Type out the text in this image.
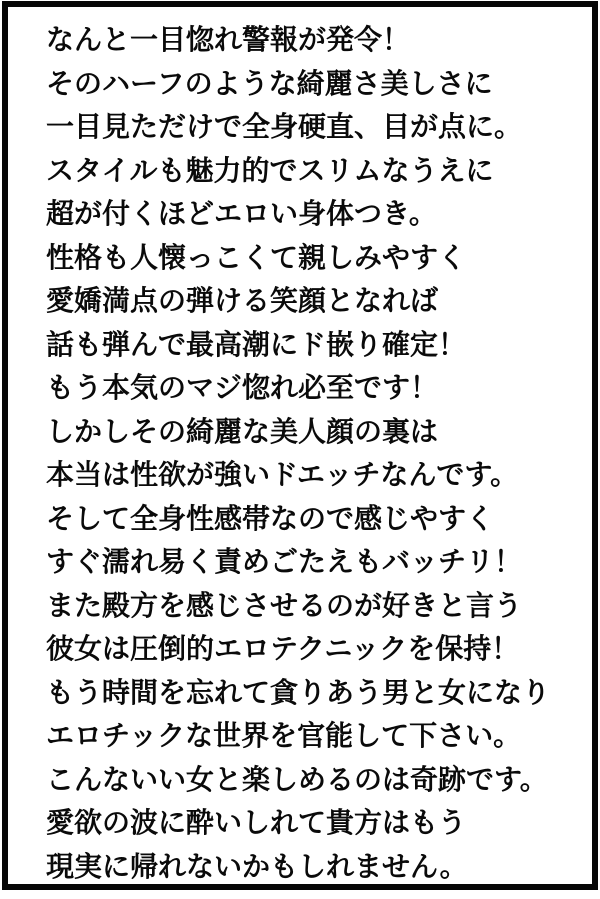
なんと一目惚れ警報が発令！

そのハーフのような綺麗さ美しさに

一目見ただけで全身硬直、目が点に。

スタイルも魅力的でスリムなうえに

超が付くほどエロい身体つき。

性格も人懐っこくて親しみやすく

愛嬌満点の弾ける笑顔となれば

話も弾んで最高潮にド嵌り確定！

もう本気のマジ惚れ必至です！

しかしその綺麗な美人顔の裏は

本当は性欲が強いドエッチなんです。

そして全身性感帯なので感じやすく

すぐ濡れ易く責めごたえもバッチリ！

また殿方を感じさせるのが好きと言う

彼女は圧倒的エロテクニックを保持！

もう時間を忘れて貪りあう男と女になり

エロチックな世界を官能して下さい。

こんないい女と楽しめるのは奇跡です。

愛欲の波に酔いしれて貴方はもう

現実に帰れないかもしれません。
